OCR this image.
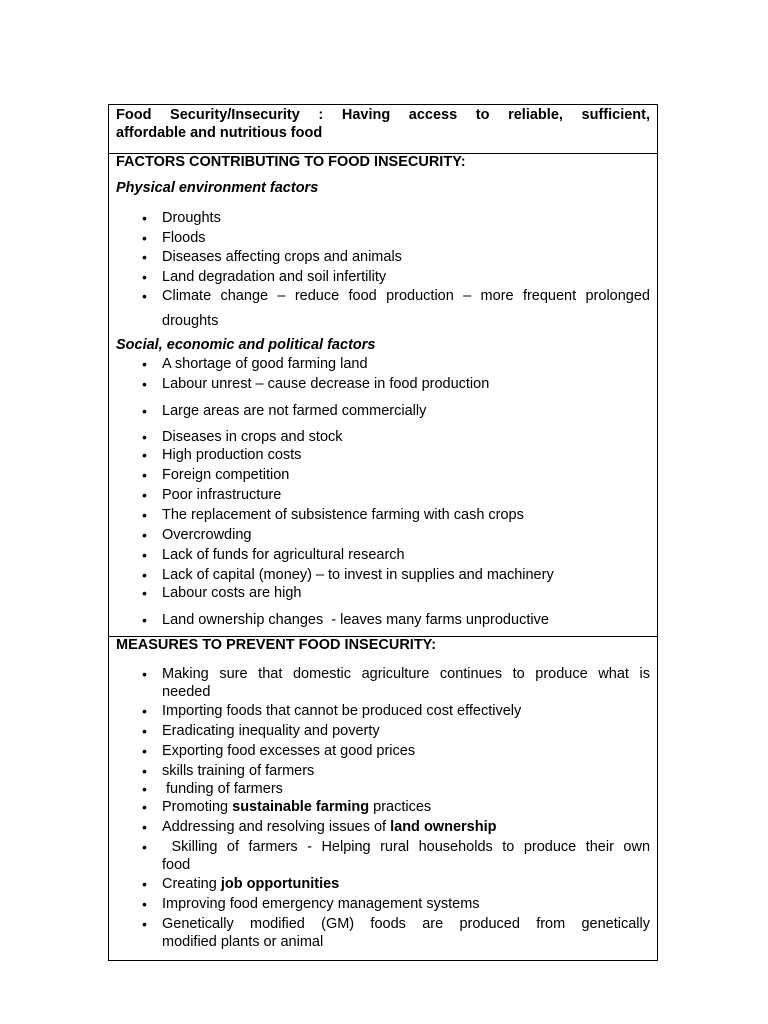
Food Security/Insecurity : Having access to reliable, sufficient,
affordable and nutritious food
FACTORS CONTRIBUTING TO FOOD INSECURITY:
Physical environment factors
• Droughts
• Floods
• Diseases affecting crops and animals
• Land degradation and soil infertility
• Climate change – reduce food production – more frequent prolonged
droughts
Social, economic and political factors
• A shortage of good farming land
• Labour unrest – cause decrease in food production
• Large areas are not farmed commercially
• Diseases in crops and stock
• High production costs
• Foreign competition
• Poor infrastructure
• The replacement of subsistence farming with cash crops
• Overcrowding
• Lack of funds for agricultural research
• Lack of capital (money) – to invest in supplies and machinery
• Labour costs are high
• Land ownership changes  - leaves many farms unproductive
MEASURES TO PREVENT FOOD INSECURITY:
• Making sure that domestic agriculture continues to produce what is
needed
• Importing foods that cannot be produced cost effectively
• Eradicating inequality and poverty
• Exporting food excesses at good prices
• skills training of farmers
• funding of farmers
• Promoting sustainable farming practices
• Addressing and resolving issues of land ownership
• Skilling of farmers - Helping rural households to produce their own
food
• Creating job opportunities
• Improving food emergency management systems
• Genetically modified (GM) foods are produced from genetically
modified plants or animal
